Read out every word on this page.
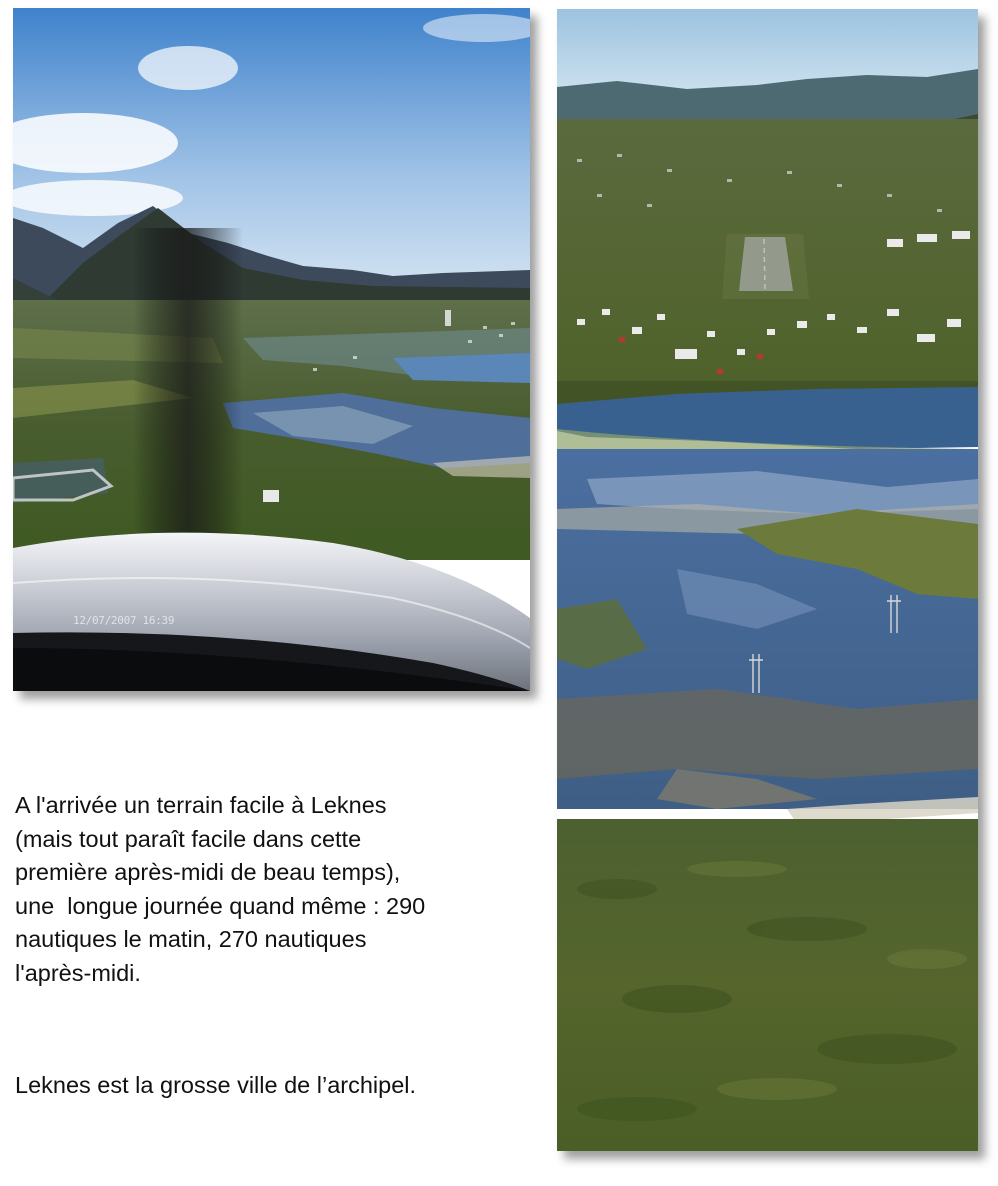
12/07/2007 16:39

A l'arrivée un terrain facile à Leknes
(mais tout paraît facile dans cette
première après-midi de beau temps),
une  longue journée quand même : 290
nautiques le matin, 270 nautiques
l'après-midi.

Leknes est la grosse ville de l’archipel.
